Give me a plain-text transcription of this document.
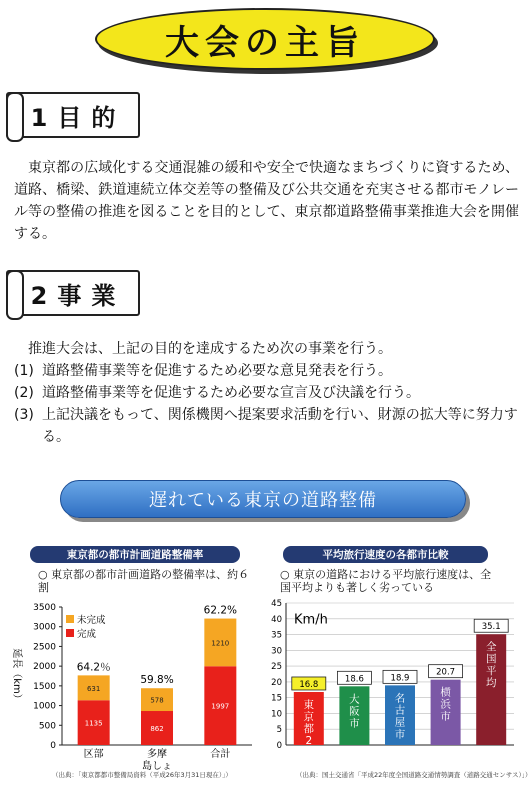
大会の主旨
1目的

東京都の広域化する交通混雑の緩和や安全で快適なまちづくりに資するため、道路、橋梁、鉄道連続立体交差等の整備及び公共交通を充実させる都市モノレール等の整備の推進を図ることを目的として、東京都道路整備事業推進大会を開催する。

2事業

推進大会は、上記の目的を達成するため次の事業を行う。

(1) 道路整備事業等を促進するため必要な意見発表を行う。
(2) 道路整備事業等を促進するため必要な宣言及び決議を行う。
(3) 上記決議をもって、関係機関へ提案要求活動を行い、財源の拡大等に努力する。
遅れている東京の道路整備
東京都の都市計画道路整備率
○ 東京都の都市計画道路の整備率は、約６割
0
500
1000
1500
2000
2500
3000
3500
延長（km）
1135
631
64.2％
区部
862
578
59.8%
多摩
島しょ
1997
1210
62.2%
合計
未完成
完成
（出典：「東京都都市整備局資料（平成26年3月31日現在）」）
平均旅行速度の各都市比較
○ 東京の道路における平均旅行速度は、全国平均よりも著しく劣っている
0
5
10
15
20
25
30
35
40
45
Km/h
16.8
東
京
都
2
3
区
18.6
大
阪
市
18.9
名
古
屋
市
20.7
横
浜
市
35.1
全
国
平
均
（出典：国土交通省「平成22年度全国道路交通情勢調査（道路交通センサス）」）
